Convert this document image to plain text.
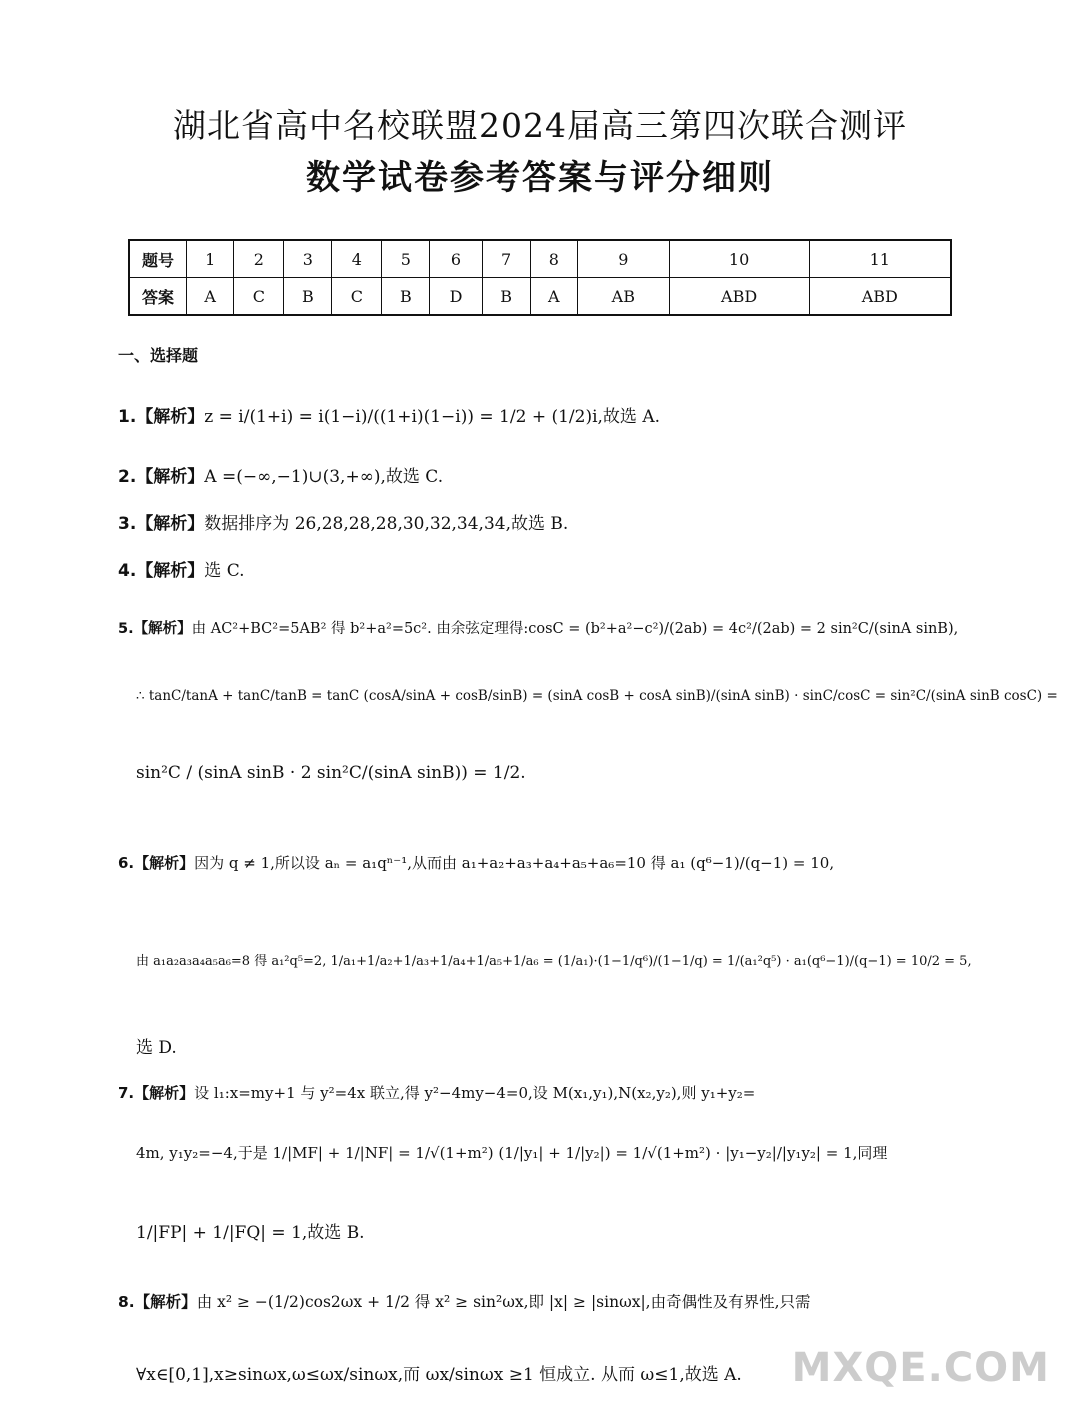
湖北省高中名校联盟2024届高三第四次联合测评
数学试卷参考答案与评分细则
题号	1	2	3	4	5	6	7	8	9	10	11
答案	A	C	B	C	B	D	B	A	AB	ABD	ABD
一、选择题
1.【解析】z = i/(1+i) = i(1−i)/((1+i)(1−i)) = 1/2 + (1/2)i,故选 A.
2.【解析】A =(−∞,−1)∪(3,+∞),故选 C.
3.【解析】数据排序为 26,28,28,28,30,32,34,34,故选 B.
4.【解析】选 C.
5.【解析】由 AC²+BC²=5AB² 得 b²+a²=5c². 由余弦定理得:cosC = (b²+a²−c²)/(2ab) = 4c²/(2ab) = 2 sin²C/(sinA sinB),
∴ tanC/tanA + tanC/tanB = tanC (cosA/sinA + cosB/sinB) = (sinA cosB + cosA sinB)/(sinA sinB) · sinC/cosC = sin²C/(sinA sinB cosC) =
sin²C / (sinA sinB · 2 sin²C/(sinA sinB)) = 1/2.
6.【解析】因为 q ≠ 1,所以设 aₙ = a₁qⁿ⁻¹,从而由 a₁+a₂+a₃+a₄+a₅+a₆=10 得 a₁ (q⁶−1)/(q−1) = 10,
由 a₁a₂a₃a₄a₅a₆=8 得 a₁²q⁵=2, 1/a₁+1/a₂+1/a₃+1/a₄+1/a₅+1/a₆ = (1/a₁)·(1−1/q⁶)/(1−1/q) = 1/(a₁²q⁵) · a₁(q⁶−1)/(q−1) = 10/2 = 5,
选 D.
7.【解析】设 l₁:x=my+1 与 y²=4x 联立,得 y²−4my−4=0,设 M(x₁,y₁),N(x₂,y₂),则 y₁+y₂=
4m, y₁y₂=−4,于是 1/|MF| + 1/|NF| = 1/√(1+m²) (1/|y₁| + 1/|y₂|) = 1/√(1+m²) · |y₁−y₂|/|y₁y₂| = 1,同理
1/|FP| + 1/|FQ| = 1,故选 B.
8.【解析】由 x² ≥ −(1/2)cos2ωx + 1/2 得 x² ≥ sin²ωx,即 |x| ≥ |sinωx|,由奇偶性及有界性,只需
∀x∈[0,1],x≥sinωx,ω≤ωx/sinωx,而 ωx/sinωx ≥1 恒成立. 从而 ω≤1,故选 A. MXQE.COM
